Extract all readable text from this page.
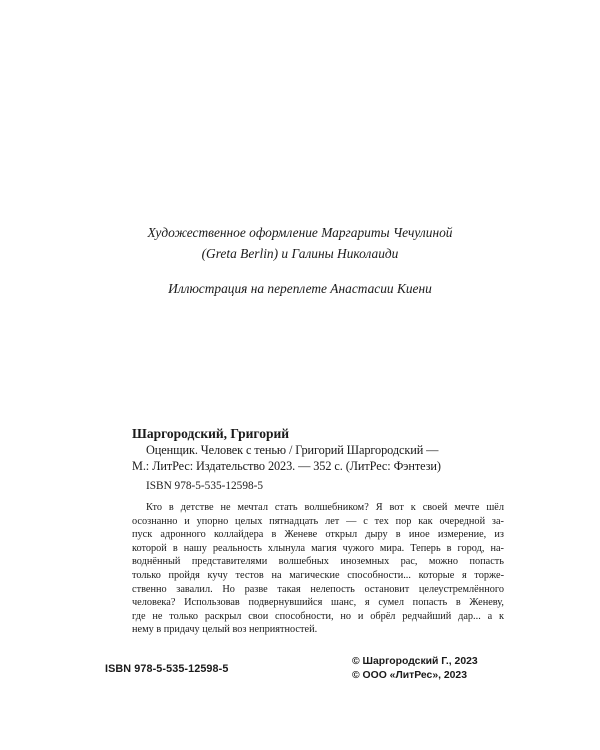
Художественное оформление Маргариты Чечулиной
(Greta Berlin) и Галины Николаиди
Иллюстрация на переплете Анастасии Киени
Шаргородский, Григорий
Оценщик. Человек с тенью / Григорий Шаргородский —
М.: ЛитРес: Издательство 2023. — 352 с. (ЛитРес: Фэнтези)
ISBN 978-5-535-12598-5
Кто в детстве не мечтал стать волшебником? Я вот к своей мечте шёл
осознанно и упорно целых пятнадцать лет — с тех пор как очередной за-
пуск адронного коллайдера в Женеве открыл дыру в иное измерение, из
которой в нашу реальность хлынула магия чужого мира. Теперь в город, на-
воднённый представителями волшебных иноземных рас, можно попасть
только пройдя кучу тестов на магические способности... которые я торже-
ственно завалил. Но разве такая нелепость остановит целеустремлённого
человека? Использовав подвернувшийся шанс, я сумел попасть в Женеву,
где не только раскрыл свои способности, но и обрёл редчайший дар... а к
нему в придачу целый воз неприятностей.
ISBN 978-5-535-12598-5
© Шаргородский Г., 2023
© ООО «ЛитРес», 2023
